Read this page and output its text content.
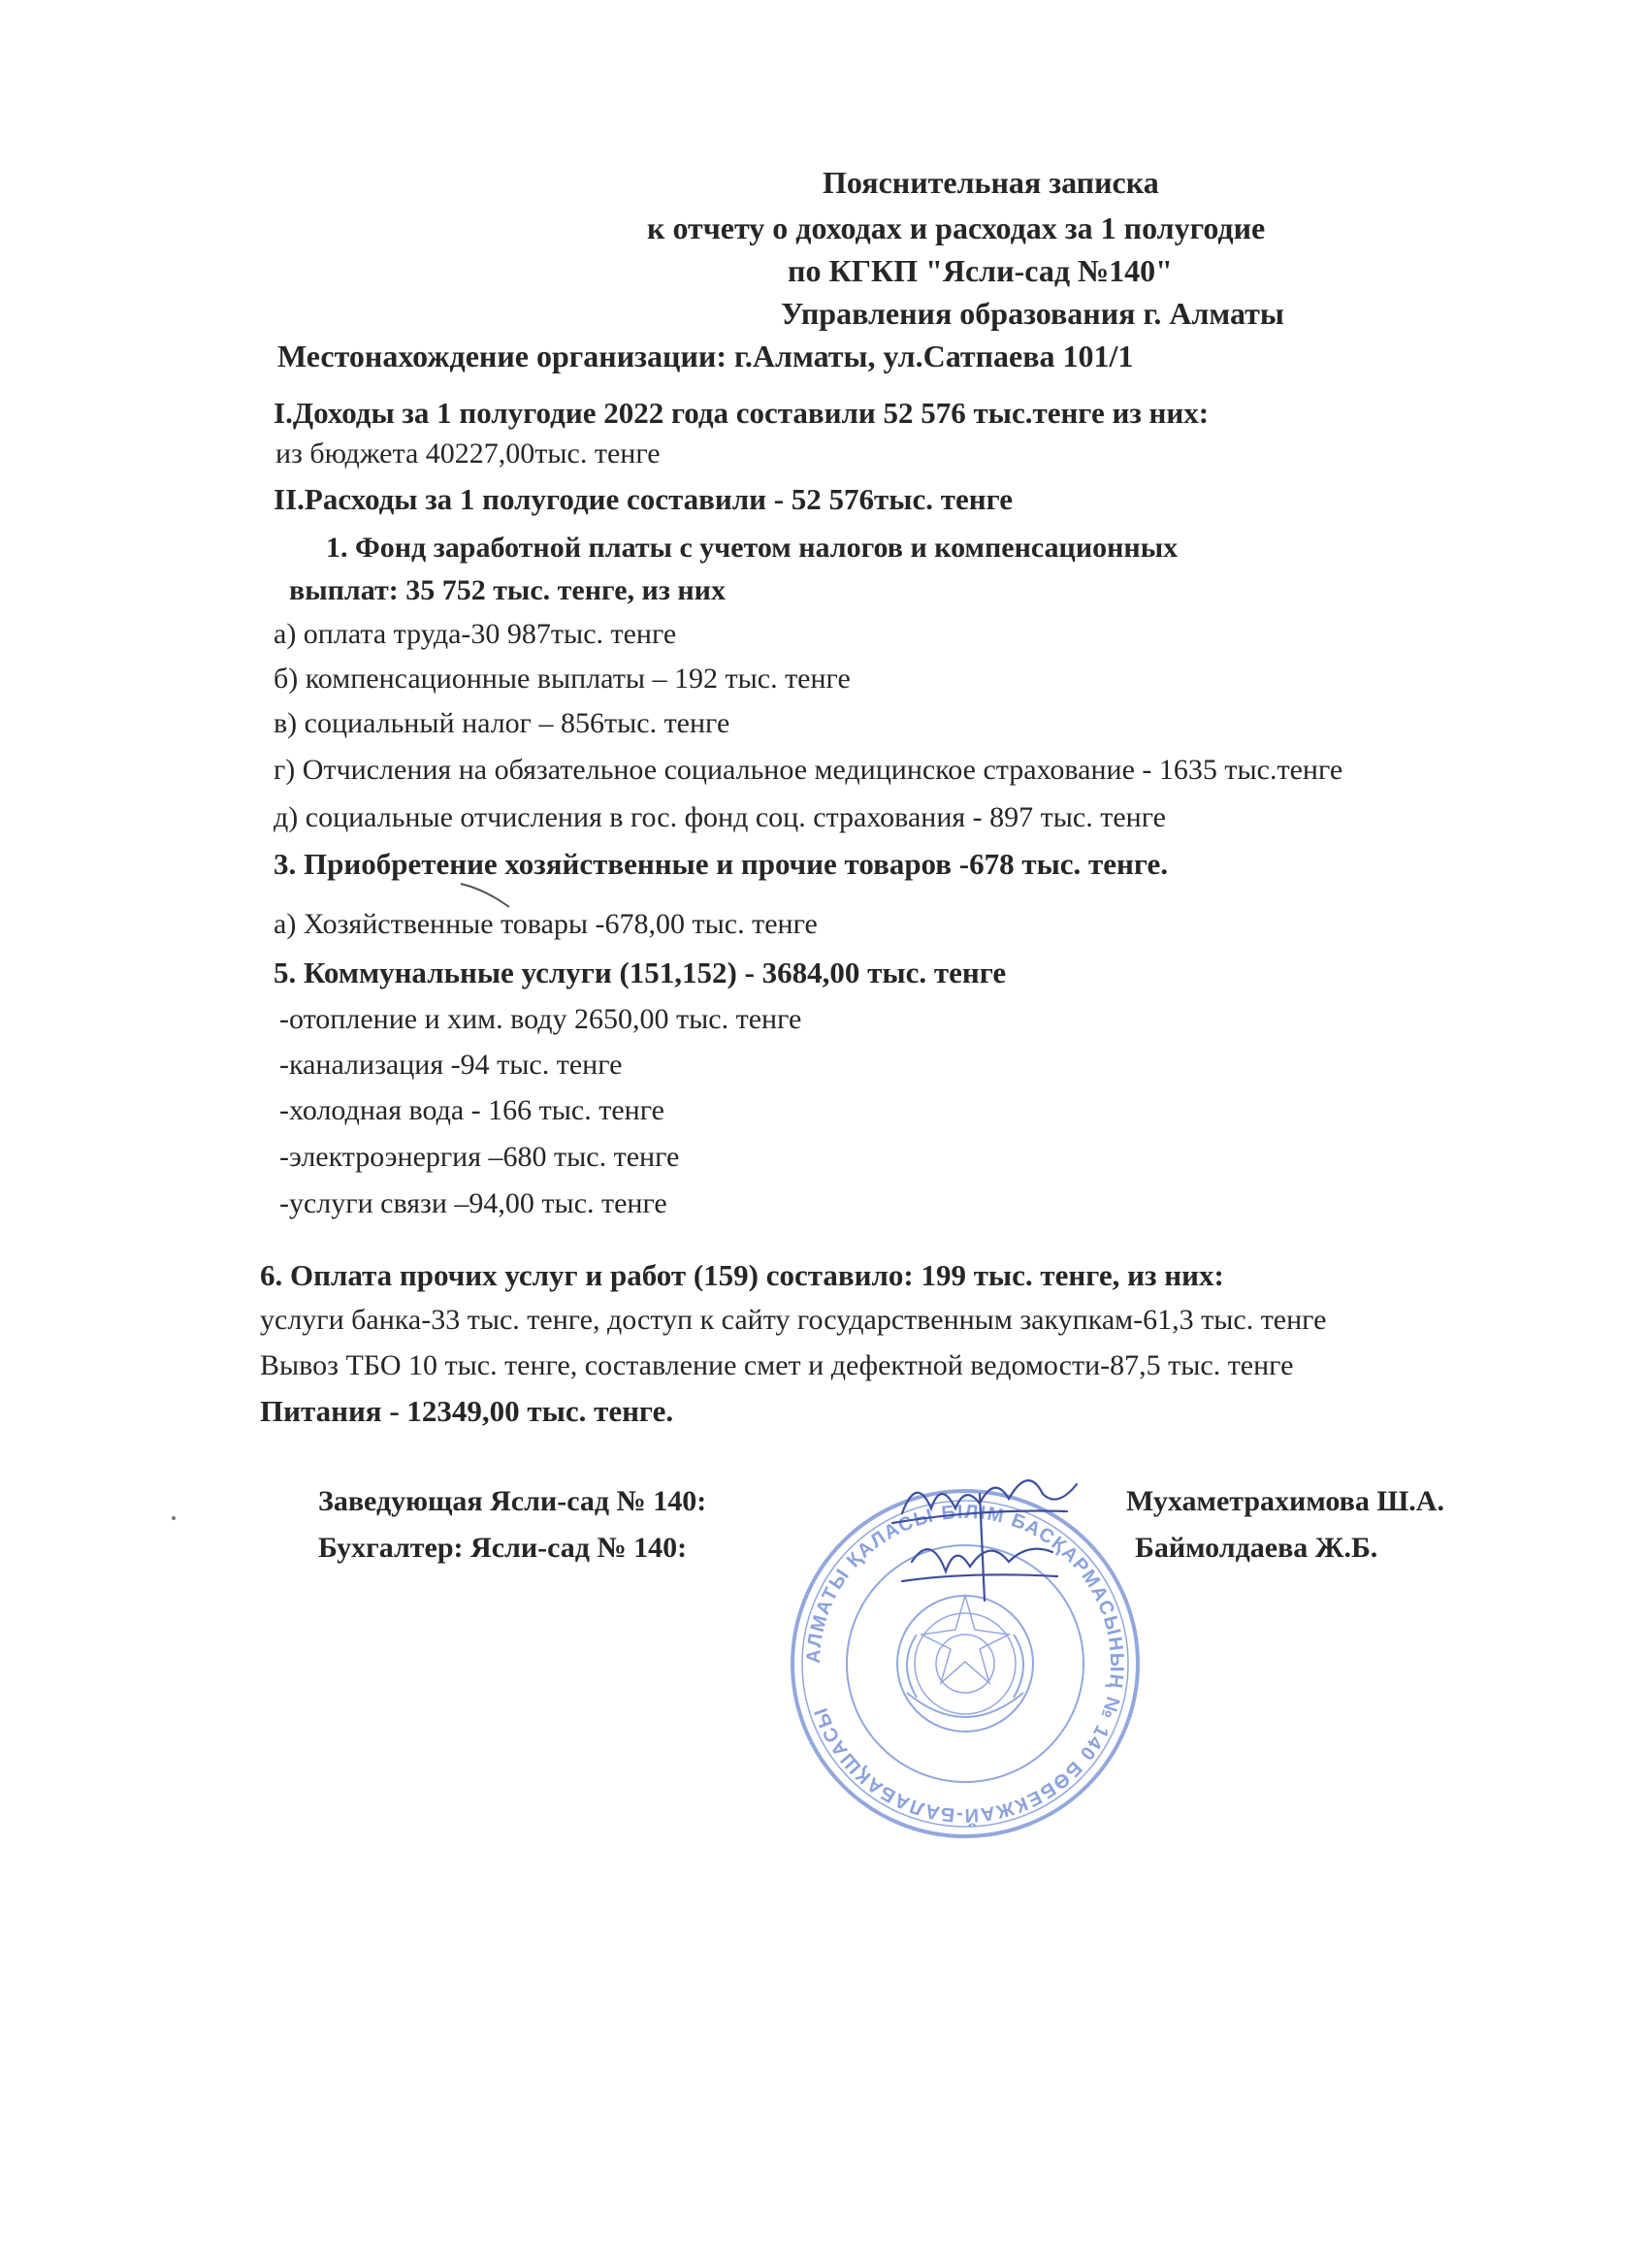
Пояснительная записка
к отчету о доходах и расходах за 1 полугодие
по КГКП "Ясли-сад №140"
Управления образования г. Алматы
Местонахождение организации: г.Алматы, ул.Сатпаева 101/1
I.Доходы за 1 полугодие 2022 года составили 52 576 тыс.тенге из них:
из бюджета 40227,00тыс. тенге
II.Расходы за 1 полугодие составили - 52 576тыс. тенге
1. Фонд заработной платы с учетом налогов и компенсационных
выплат: 35 752 тыс. тенге, из них
а) оплата труда-30 987тыс. тенге
б) компенсационные выплаты – 192 тыс. тенге
в) социальный налог – 856тыс. тенге
г) Отчисления на обязательное социальное медицинское страхование - 1635 тыс.тенге
д) социальные отчисления в гос. фонд соц. страхования - 897 тыс. тенге
3. Приобретение хозяйственные и прочие товаров -678 тыс. тенге.
а) Хозяйственные товары -678,00 тыс. тенге
5. Коммунальные услуги (151,152) - 3684,00 тыс. тенге
-отопление и хим. воду 2650,00 тыс. тенге
-канализация -94 тыс. тенге
-холодная вода - 166 тыс. тенге
-электроэнергия –680 тыс. тенге
-услуги связи –94,00 тыс. тенге
6. Оплата прочих услуг и работ (159) составило: 199 тыс. тенге, из них:
услуги банка-33 тыс. тенге, доступ к сайту государственным закупкам-61,3 тыс. тенге
Вывоз ТБО 10 тыс. тенге, составление смет и дефектной ведомости-87,5 тыс. тенге
Питания - 12349,00 тыс. тенге.
Заведующая Ясли-сад № 140:	Мухаметрахимова Ш.А.
Бухгалтер: Ясли-сад № 140:	Баймолдаева Ж.Б.
АЛМАТЫ ҚАЛАСЫ БІЛІМ БАСҚАРМАСЫНЫҢ № 140 БӨБЕКЖАЙ-БАЛАБАҚШАСЫ
